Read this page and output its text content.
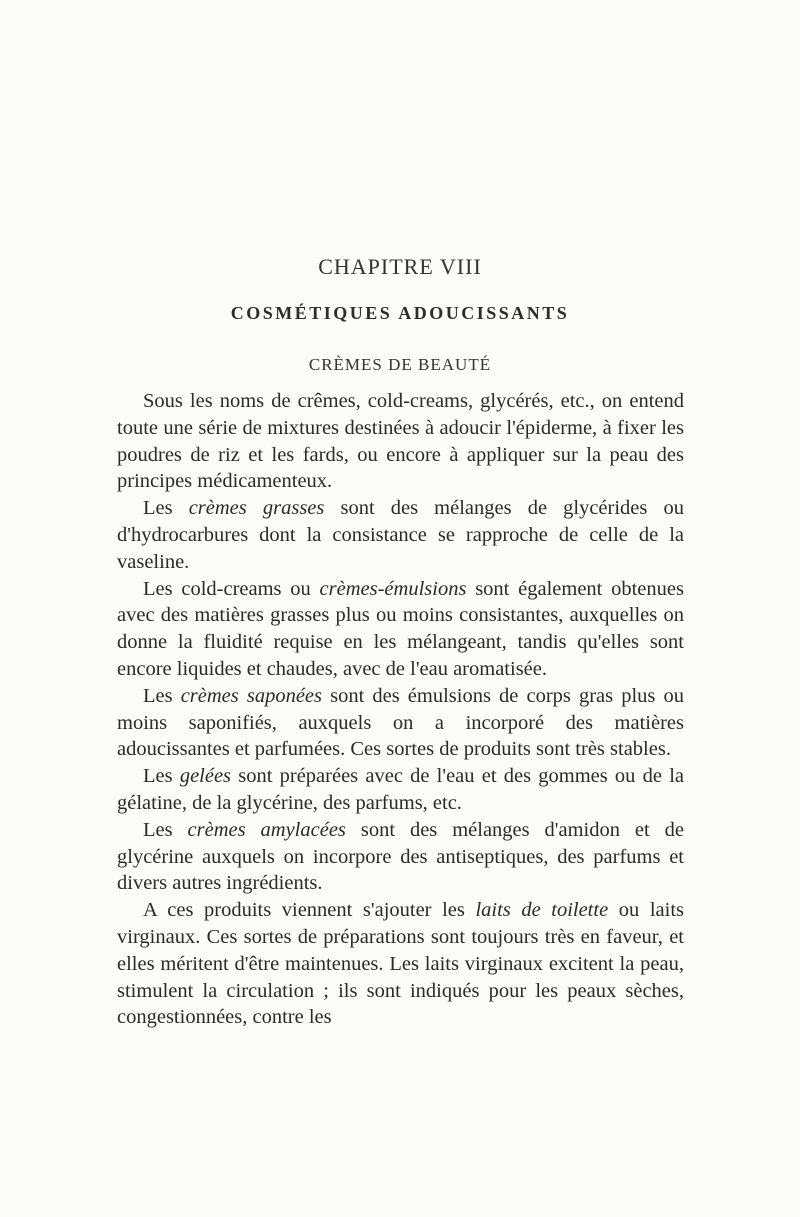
CHAPITRE VIII
COSMÉTIQUES ADOUCISSANTS
CRÈMES DE BEAUTÉ

Sous les noms de crêmes, cold-creams, glycérés, etc., on entend toute une série de mixtures destinées à adoucir l'épiderme, à fixer les poudres de riz et les fards, ou encore à appliquer sur la peau des principes médicamenteux.

Les crèmes grasses sont des mélanges de glycérides ou d'hydrocarbures dont la consistance se rapproche de celle de la vaseline.

Les cold-creams ou crèmes-émulsions sont également obtenues avec des matières grasses plus ou moins consistantes, auxquelles on donne la fluidité requise en les mélangeant, tandis qu'elles sont encore liquides et chaudes, avec de l'eau aromatisée.

Les crèmes saponées sont des émulsions de corps gras plus ou moins saponifiés, auxquels on a incorporé des matières adoucissantes et parfumées. Ces sortes de produits sont très stables.

Les gelées sont préparées avec de l'eau et des gommes ou de la gélatine, de la glycérine, des parfums, etc.

Les crèmes amylacées sont des mélanges d'amidon et de glycérine auxquels on incorpore des antiseptiques, des parfums et divers autres ingrédients.

A ces produits viennent s'ajouter les laits de toilette ou laits virginaux. Ces sortes de préparations sont toujours très en faveur, et elles méritent d'être maintenues. Les laits virginaux excitent la peau, stimulent la circulation ; ils sont indiqués pour les peaux sèches, congestionnées, contre les
